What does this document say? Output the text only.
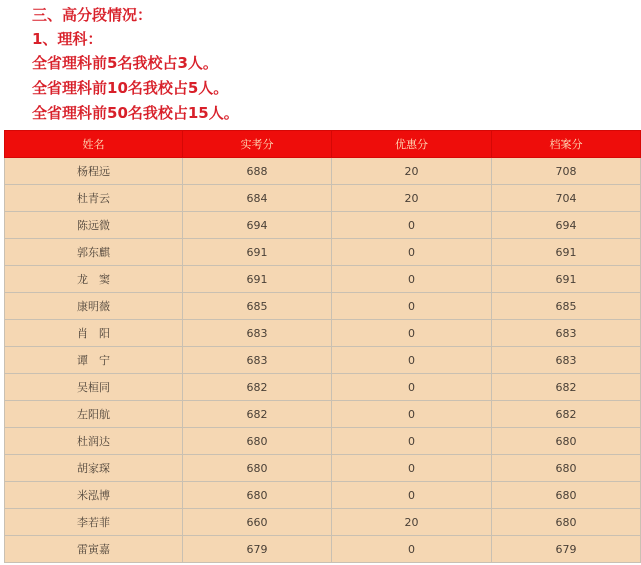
三、高分段情况：
1、理科：
全省理科前5名我校占3人。
全省理科前10名我校占5人。
全省理科前50名我校占15人。
姓名	实考分	优惠分	档案分
杨程远	688	20	708
杜青云	684	20	704
陈远微	694	0	694
郭东麒	691	0	691
龙　窦	691	0	691
康明薇	685	0	685
肖　阳	683	0	683
谭　宁	683	0	683
吴桓同	682	0	682
左阳航	682	0	682
杜润达	680	0	680
胡家琛	680	0	680
米泓博	680	0	680
李若菲	660	20	680
雷寅嘉	679	0	679
